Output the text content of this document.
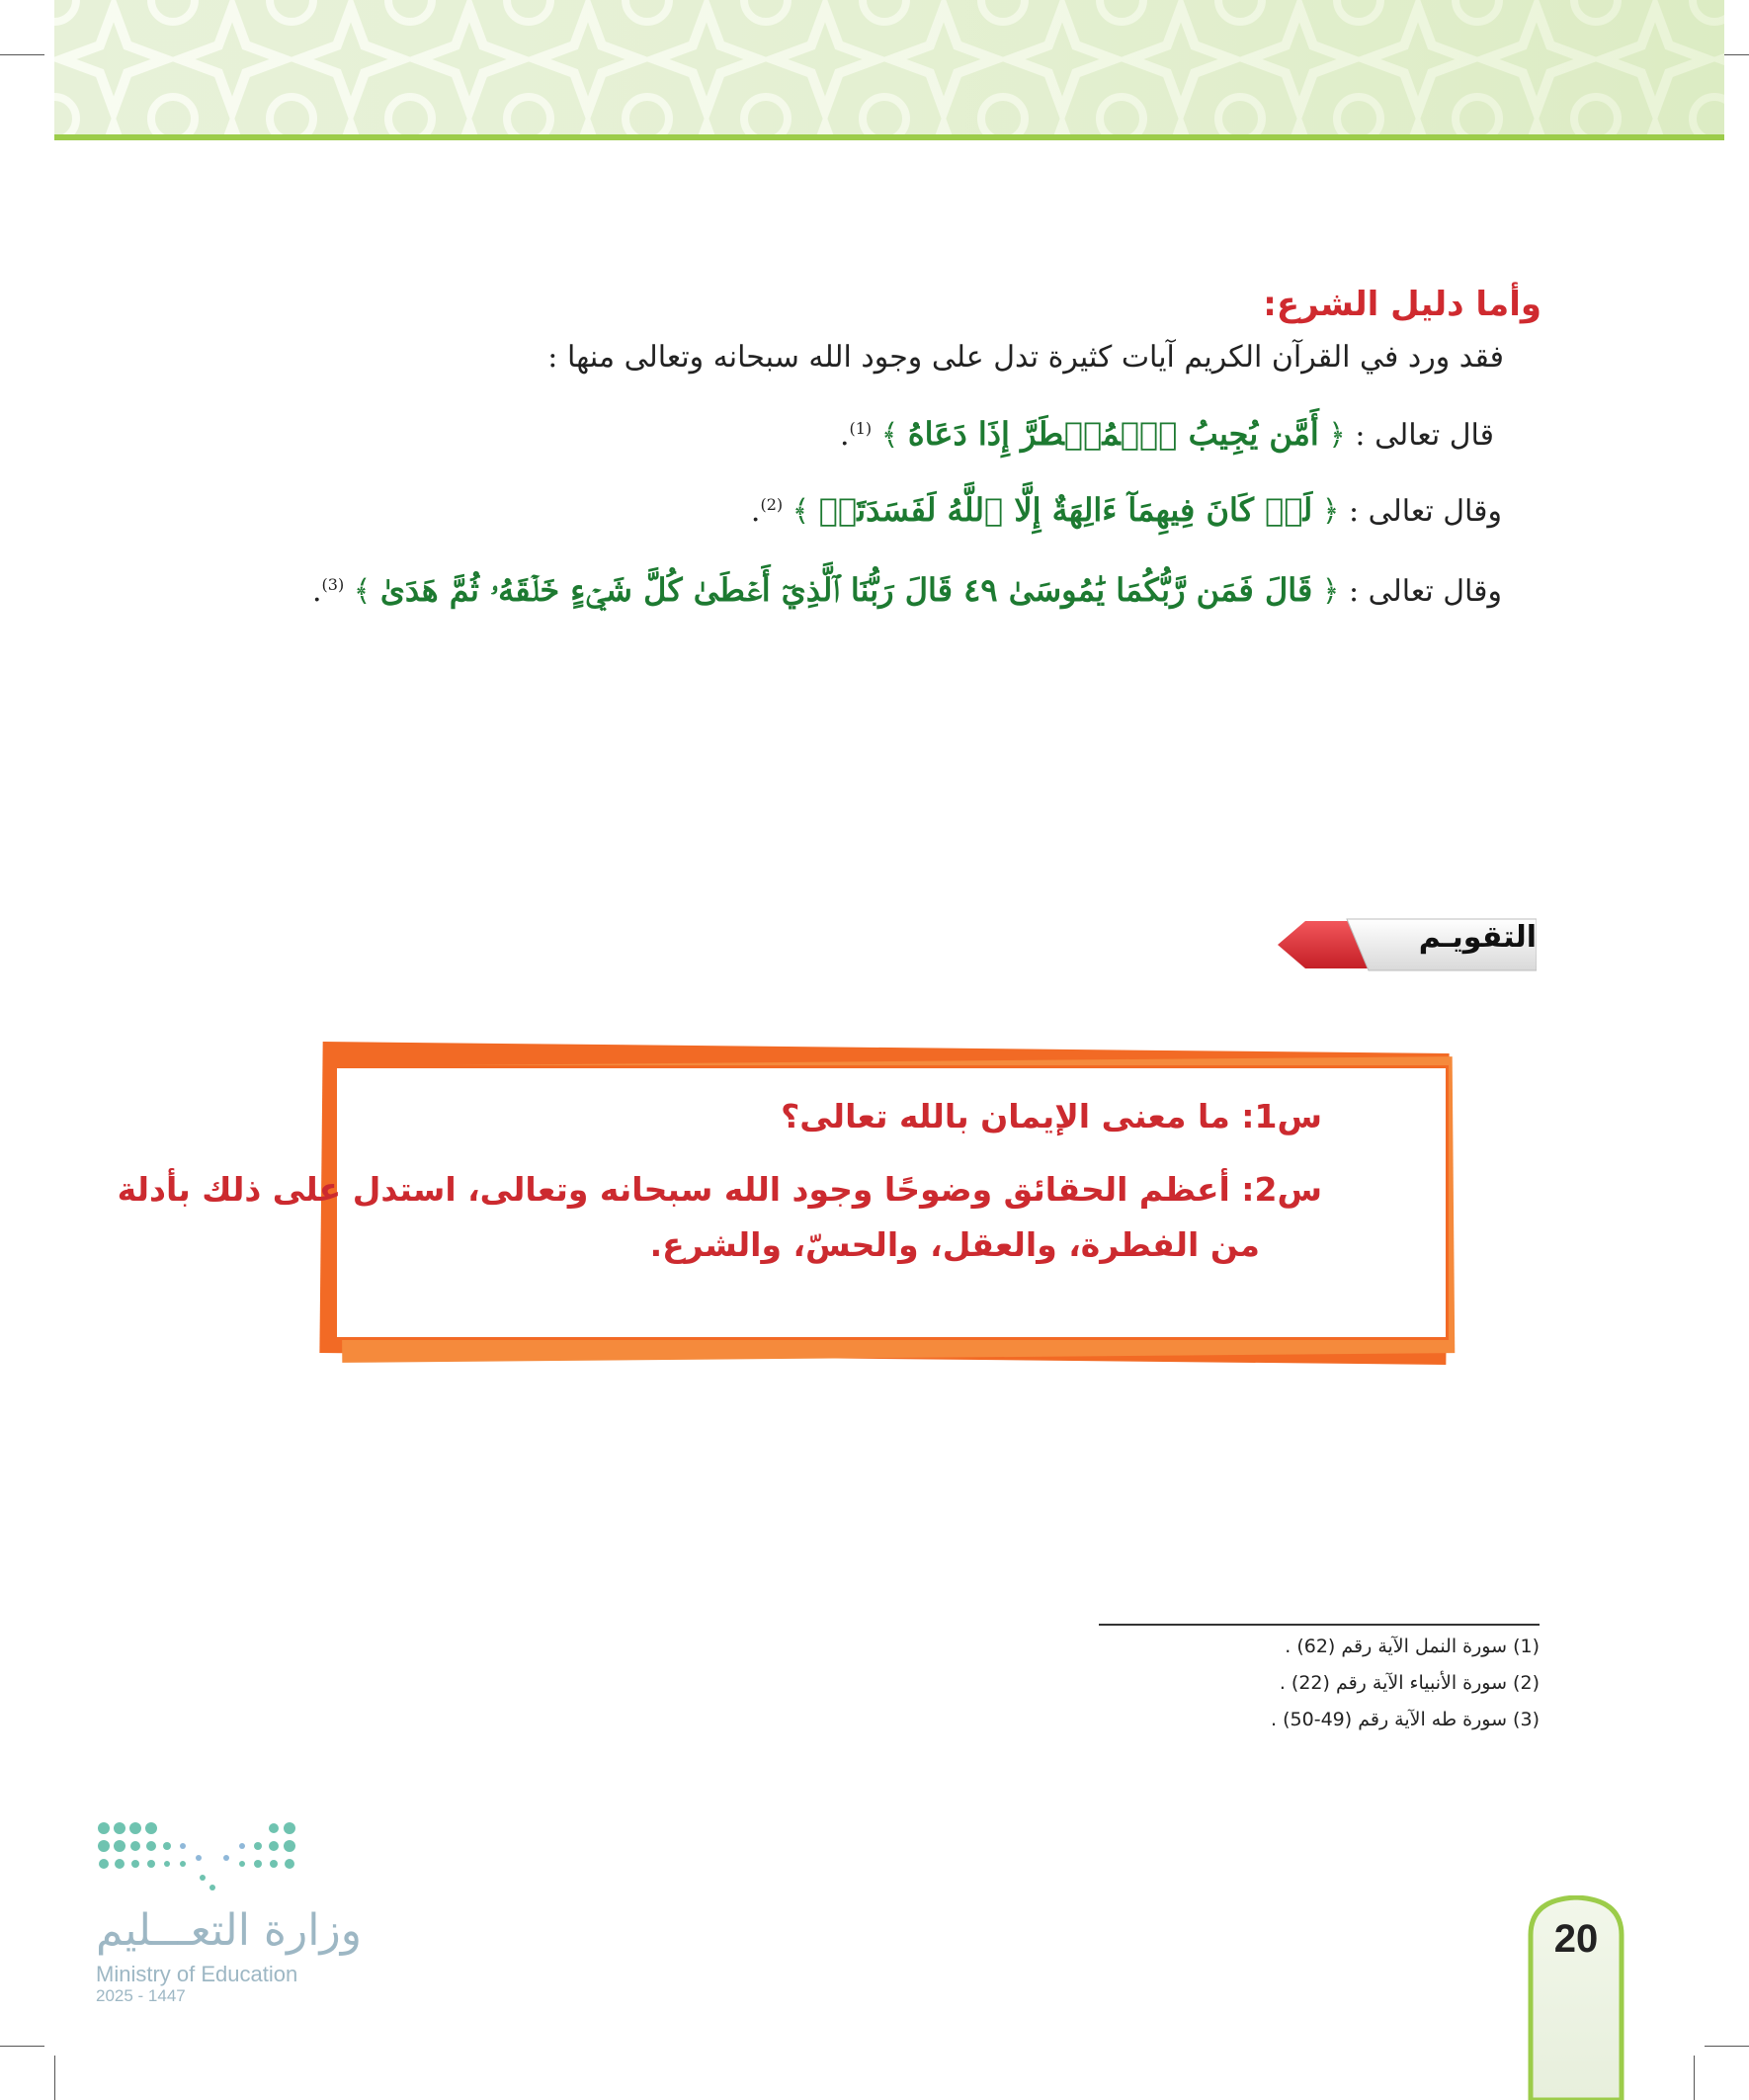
وأما دليل الشرع:
فقد ورد في القرآن الكريم آيات كثيرة تدل على وجود الله سبحانه وتعالى منها :
قال تعالى : ﴿ أَمَّن يُجِيبُ ٱلۡمُضۡطَرَّ إِذَا دَعَاهُ ﴾ $^{(1)}$.
وقال تعالى : ﴿ لَوۡ كَانَ فِيهِمَآ ءَالِهَةٌ إِلَّا ٱللَّهُ لَفَسَدَتَاۚ ﴾ $^{(2)}$.
وقال تعالى : ﴿ قَالَ فَمَن رَّبُّكُمَا يَٰمُوسَىٰ ٤٩ قَالَ رَبُّنَا ٱلَّذِيٓ أَعۡطَىٰ كُلَّ شَيۡءٍ خَلۡقَهُۥ ثُمَّ هَدَىٰ ﴾ $^{(3)}$.
التقويـم
س1: ما معنى الإيمان بالله تعالى؟
س2: أعظم الحقائق وضوحًا وجود الله سبحانه وتعالى، استدل على ذلك بأدلة
من الفطرة، والعقل، والحسّ، والشرع.
(1) سورة النمل الآية رقم (62) .
(2) سورة الأنبياء الآية رقم (22) .
(3) سورة طه الآية رقم (49-50) .
وزارة التعـــليم
Ministry of Education
2025 - 1447
20
